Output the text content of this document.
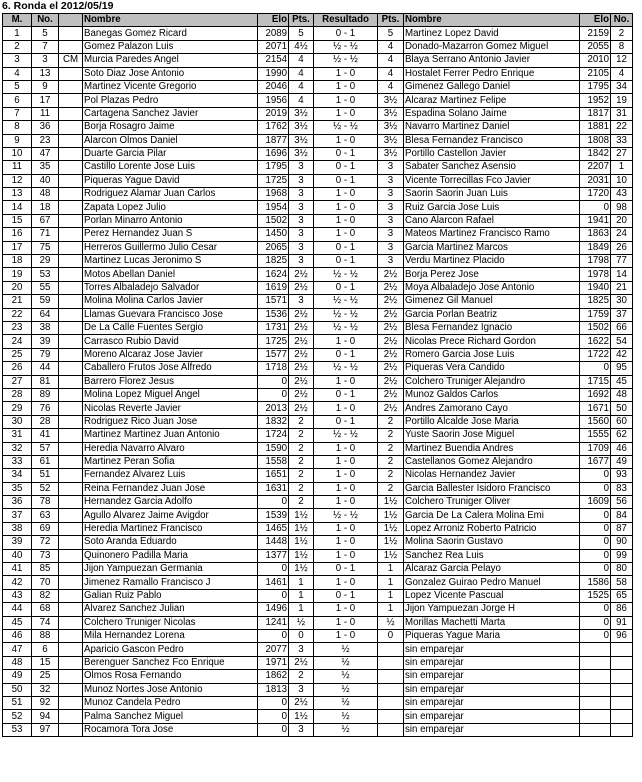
6. Ronda el 2012/05/19
M.	No.		Nombre	Elo	Pts.	Resultado	Pts.	Nombre	Elo	No.
1	5		Banegas Gomez Ricard	2089	5	0 - 1	5	Martinez Lopez David	2159	2
2	7		Gomez Palazon Luis	2071	4½	½ - ½	4	Donado-Mazarron Gomez Miguel	2055	8
3	3	CM	Murcia Paredes Angel	2154	4	½ - ½	4	Blaya Serrano Antonio Javier	2010	12
4	13		Soto Diaz Jose Antonio	1990	4	1 - 0	4	Hostalet Ferrer Pedro Enrique	2105	4
5	9		Martinez Vicente Gregorio	2046	4	1 - 0	4	Gimenez Gallego Daniel	1795	34
6	17		Pol Plazas Pedro	1956	4	1 - 0	3½	Alcaraz Martinez Felipe	1952	19
7	11		Cartagena Sanchez Javier	2019	3½	1 - 0	3½	Espadina Solano Jaime	1817	31
8	36		Borja Rosagro Jaime	1762	3½	½ - ½	3½	Navarro Martinez Daniel	1881	22
9	23		Alarcon Olmos Daniel	1877	3½	1 - 0	3½	Blesa Fernandez Francisco	1808	33
10	47		Duarte Garcia Pilar	1696	3½	0 - 1	3½	Portillo Castellon Javier	1842	27
11	35		Castillo Lorente Jose Luis	1795	3	0 - 1	3	Sabater Sanchez Asensio	2207	1
12	40		Piqueras Yague David	1725	3	0 - 1	3	Vicente Torrecillas Fco Javier	2031	10
13	48		Rodriguez Alamar Juan Carlos	1968	3	1 - 0	3	Saorin Saorin Juan Luis	1720	43
14	18		Zapata Lopez Julio	1954	3	1 - 0	3	Ruiz Garcia Jose Luis	0	98
15	67		Porlan Minarro Antonio	1502	3	1 - 0	3	Cano Alarcon Rafael	1941	20
16	71		Perez Hernandez Juan S	1450	3	1 - 0	3	Mateos Martinez Francisco Ramo	1863	24
17	75		Herreros Guillermo Julio Cesar	2065	3	0 - 1	3	Garcia Martinez Marcos	1849	26
18	29		Martinez Lucas Jeronimo S	1825	3	0 - 1	3	Verdu Martinez Placido	1798	77
19	53		Motos Abellan Daniel	1624	2½	½ - ½	2½	Borja Perez Jose	1978	14
20	55		Torres Albaladejo Salvador	1619	2½	0 - 1	2½	Moya Albaladejo Jose Antonio	1940	21
21	59		Molina Molina Carlos Javier	1571	3	½ - ½	2½	Gimenez Gil Manuel	1825	30
22	64		Llamas Guevara Francisco Jose	1536	2½	½ - ½	2½	Garcia Porlan Beatriz	1759	37
23	38		De La Calle Fuentes Sergio	1731	2½	½ - ½	2½	Blesa Fernandez Ignacio	1502	66
24	39		Carrasco Rubio David	1725	2½	1 - 0	2½	Nicolas Prece Richard Gordon	1622	54
25	79		Moreno Alcaraz Jose Javier	1577	2½	0 - 1	2½	Romero Garcia Jose Luis	1722	42
26	44		Caballero Frutos Jose Alfredo	1718	2½	½ - ½	2½	Piqueras Vera Candido	0	95
27	81		Barrero Florez Jesus	0	2½	1 - 0	2½	Colchero Truniger Alejandro	1715	45
28	89		Molina Lopez Miguel Angel	0	2½	0 - 1	2½	Munoz Galdos Carlos	1692	48
29	76		Nicolas Reverte Javier	2013	2½	1 - 0	2½	Andres Zamorano Cayo	1671	50
30	28		Rodriguez Rico Juan Jose	1832	2	0 - 1	2	Portillo Alcalde Jose Maria	1560	60
31	41		Martinez Martinez Juan Antonio	1724	2	½ - ½	2	Yuste Saorin Jose Miguel	1555	62
32	57		Heredia Navarro Alvaro	1590	2	1 - 0	2	Martinez Buendia Andres	1709	46
33	61		Martinez Peran Sofia	1558	2	1 - 0	2	Castellanos Gomez Alejandro	1677	49
34	51		Fernandez Alvarez Luis	1651	2	1 - 0	2	Nicolas Hernandez Javier	0	93
35	52		Reina Fernandez Juan Jose	1631	2	1 - 0	2	Garcia Ballester Isidoro Francisco	0	83
36	78		Hernandez Garcia Adolfo	0	2	1 - 0	1½	Colchero Truniger Oliver	1609	56
37	63		Agullo Alvarez Jaime Avigdor	1539	1½	½ - ½	1½	Garcia De La Calera Molina Emi	0	84
38	69		Heredia Martinez Francisco	1465	1½	1 - 0	1½	Lopez Arroniz Roberto Patricio	0	87
39	72		Soto Aranda Eduardo	1448	1½	1 - 0	1½	Molina Saorin Gustavo	0	90
40	73		Quinonero Padilla Maria	1377	1½	1 - 0	1½	Sanchez Rea Luis	0	99
41	85		Jijon Yampuezan Germania	0	1½	0 - 1	1	Alcaraz Garcia Pelayo	0	80
42	70		Jimenez Ramallo Francisco J	1461	1	1 - 0	1	Gonzalez Guirao Pedro Manuel	1586	58
43	82		Galian Ruiz Pablo	0	1	0 - 1	1	Lopez Vicente Pascual	1525	65
44	68		Alvarez Sanchez Julian	1496	1	1 - 0	1	Jijon Yampuezan Jorge H	0	86
45	74		Colchero Truniger Nicolas	1241	½	1 - 0	½	Morillas Machetti Marta	0	91
46	88		Mila Hernandez Lorena	0	0	1 - 0	0	Piqueras Yague Maria	0	96
47	6		Aparicio Gascon Pedro	2077	3	½		sin emparejar		
48	15		Berenguer Sanchez Fco Enrique	1971	2½	½		sin emparejar		
49	25		Olmos Rosa Fernando	1862	2	½		sin emparejar		
50	32		Munoz Nortes Jose Antonio	1813	3	½		sin emparejar		
51	92		Munoz Candela Pedro	0	2½	½		sin emparejar		
52	94		Palma Sanchez Miguel	0	1½	½		sin emparejar		
53	97		Rocamora Tora Jose	0	3	½		sin emparejar		
